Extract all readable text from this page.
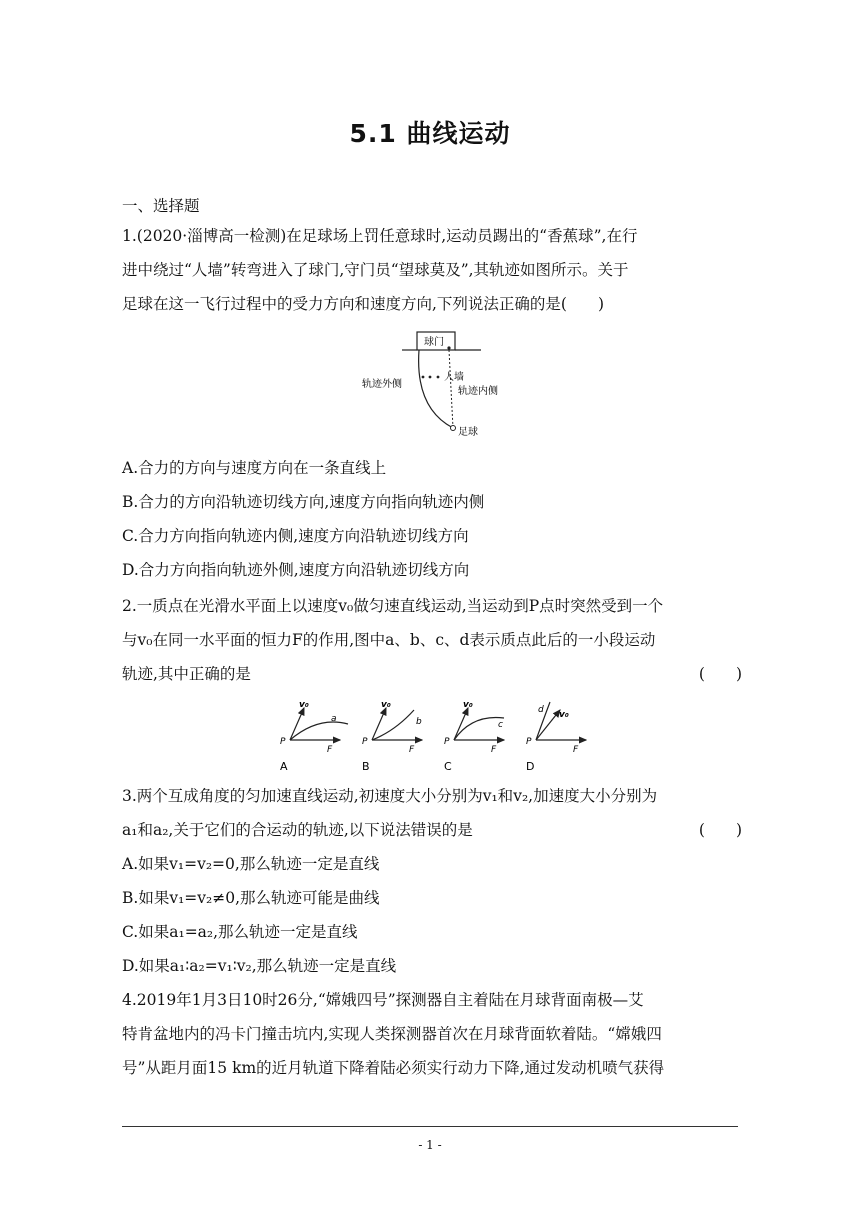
5.1 曲线运动
一、选择题
1.(2020·淄博高一检测)在足球场上罚任意球时,运动员踢出的“香蕉球”,在行
进中绕过“人墙”转弯进入了球门,守门员“望球莫及”,其轨迹如图所示。关于
足球在这一飞行过程中的受力方向和速度方向,下列说法正确的是(　　)
球门
人墙
轨迹外侧
轨迹内侧
足球
A.合力的方向与速度方向在一条直线上
B.合力的方向沿轨迹切线方向,速度方向指向轨迹内侧
C.合力方向指向轨迹内侧,速度方向沿轨迹切线方向
D.合力方向指向轨迹外侧,速度方向沿轨迹切线方向
2.一质点在光滑水平面上以速度v₀做匀速直线运动,当运动到P点时突然受到一个
与v₀在同一水平面的恒力F的作用,图中a、b、c、d表示质点此后的一小段运动
轨迹,其中正确的是	(　　)
v₀
a
P
F
A
v₀
b
P
F
B
v₀
c
P
F
C
v₀
d
P
F
D
3.两个互成角度的匀加速直线运动,初速度大小分别为v₁和v₂,加速度大小分别为
a₁和a₂,关于它们的合运动的轨迹,以下说法错误的是	(　　)
A.如果v₁=v₂=0,那么轨迹一定是直线
B.如果v₁=v₂≠0,那么轨迹可能是曲线
C.如果a₁=a₂,那么轨迹一定是直线
D.如果a₁∶a₂=v₁∶v₂,那么轨迹一定是直线
4.2019年1月3日10时26分,“嫦娥四号”探测器自主着陆在月球背面南极—艾
特肯盆地内的冯卡门撞击坑内,实现人类探测器首次在月球背面软着陆。“嫦娥四
号”从距月面15 km的近月轨道下降着陆必须实行动力下降,通过发动机喷气获得
- 1 -
